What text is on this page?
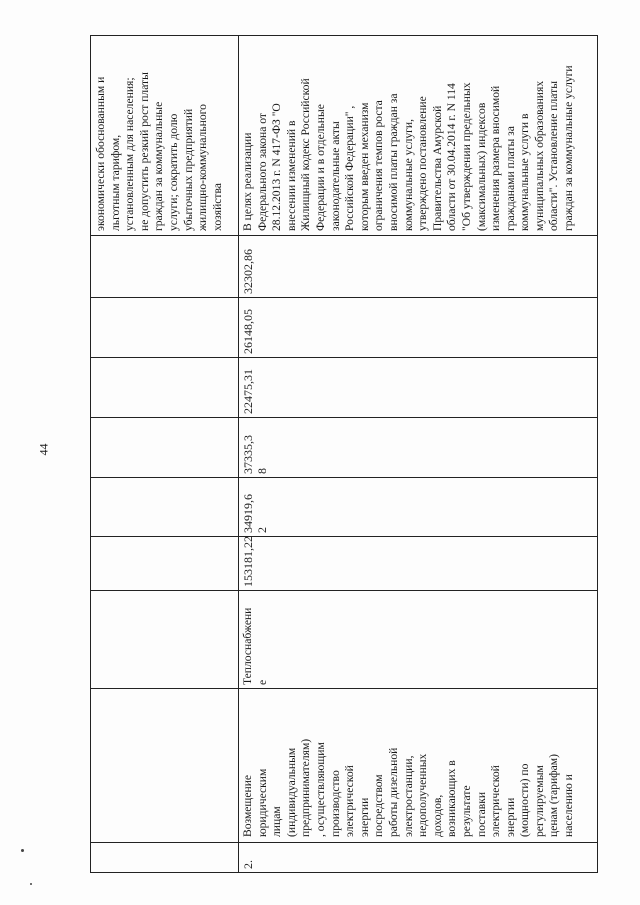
44
экономически обоснованным и
льготным тарифом,
установленным для населения;
не допустить резкий рост платы
граждан за коммунальные
услуги; сократить долю
убыточных предприятий
жилищно-коммунального
хозяйства
2.
Возмещение
юридическим
лицам
(индивидуальным
предпринимателям)
, осуществляющим
производство
электрической
энергии
посредством
работы дизельной
электростанции,
недополученных
доходов,
возникающих в
результате
поставки
электрической
энергии
(мощности) по
регулируемым
ценам (тарифам)
населению и
Теплоснабжени
е
153181,22
34919,6
2
37335,3
8
22475,31
26148,05
32302,86
В целях реализации
Федерального закона от
28.12.2013 г. N 417-ФЗ "О
внесении изменений в
Жилищный кодекс Российской
Федерации и в отдельные
законодательные акты
Российской Федерации" ,
которым введен механизм
ограничения темпов роста
вносимой платы граждан за
коммунальные услуги,
утверждено постановление
Правительства Амурской
области от 30.04.2014 г. N 114
"Об утверждении предельных
(максимальных) индексов
изменения размера вносимой
гражданами платы за
коммунальные услуги в
муниципальных образованиях
области". Установление платы
граждан за коммунальные услуги
